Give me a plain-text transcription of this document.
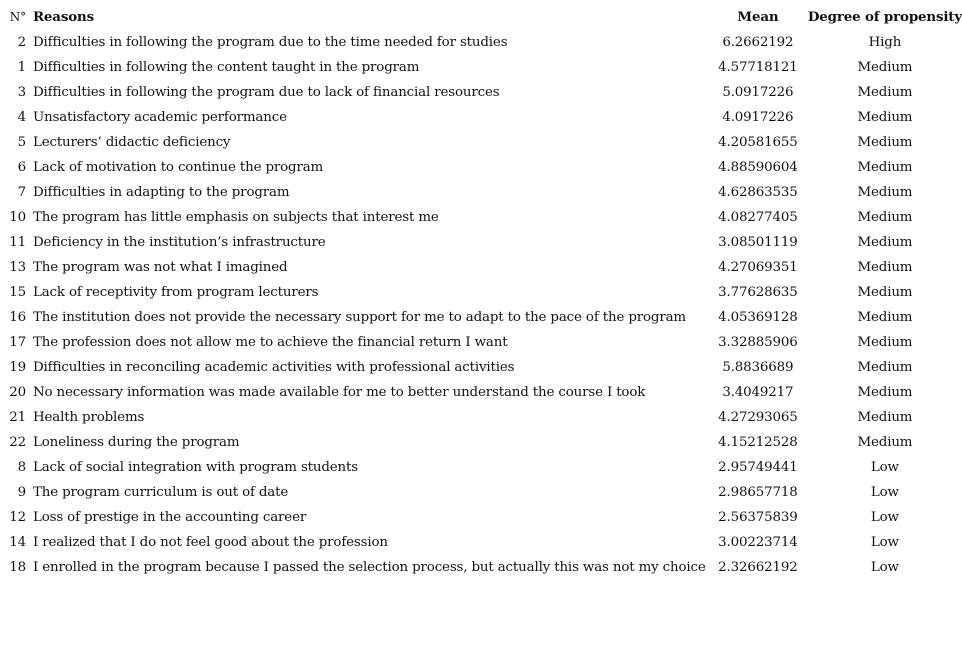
N°	Reasons	Mean	Degree of propensity
2	Difficulties in following the program due to the time needed for studies	6.2662192	High
1	Difficulties in following the content taught in the program	4.57718121	Medium
3	Difficulties in following the program due to lack of financial resources	5.0917226	Medium
4	Unsatisfactory academic performance	4.0917226	Medium
5	Lecturers’ didactic deficiency	4.20581655	Medium
6	Lack of motivation to continue the program	4.88590604	Medium
7	Difficulties in adapting to the program	4.62863535	Medium
10	The program has little emphasis on subjects that interest me	4.08277405	Medium
11	Deficiency in the institution’s infrastructure	3.08501119	Medium
13	The program was not what I imagined	4.27069351	Medium
15	Lack of receptivity from program lecturers	3.77628635	Medium
16	The institution does not provide the necessary support for me to adapt to the pace of the program	4.05369128	Medium
17	The profession does not allow me to achieve the financial return I want	3.32885906	Medium
19	Difficulties in reconciling academic activities with professional activities	5.8836689	Medium
20	No necessary information was made available for me to better understand the course I took	3.4049217	Medium
21	Health problems	4.27293065	Medium
22	Loneliness during the program	4.15212528	Medium
8	Lack of social integration with program students	2.95749441	Low
9	The program curriculum is out of date	2.98657718	Low
12	Loss of prestige in the accounting career	2.56375839	Low
14	I realized that I do not feel good about the profession	3.00223714	Low
18	I enrolled in the program because I passed the selection process, but actually this was not my choice	2.32662192	Low
